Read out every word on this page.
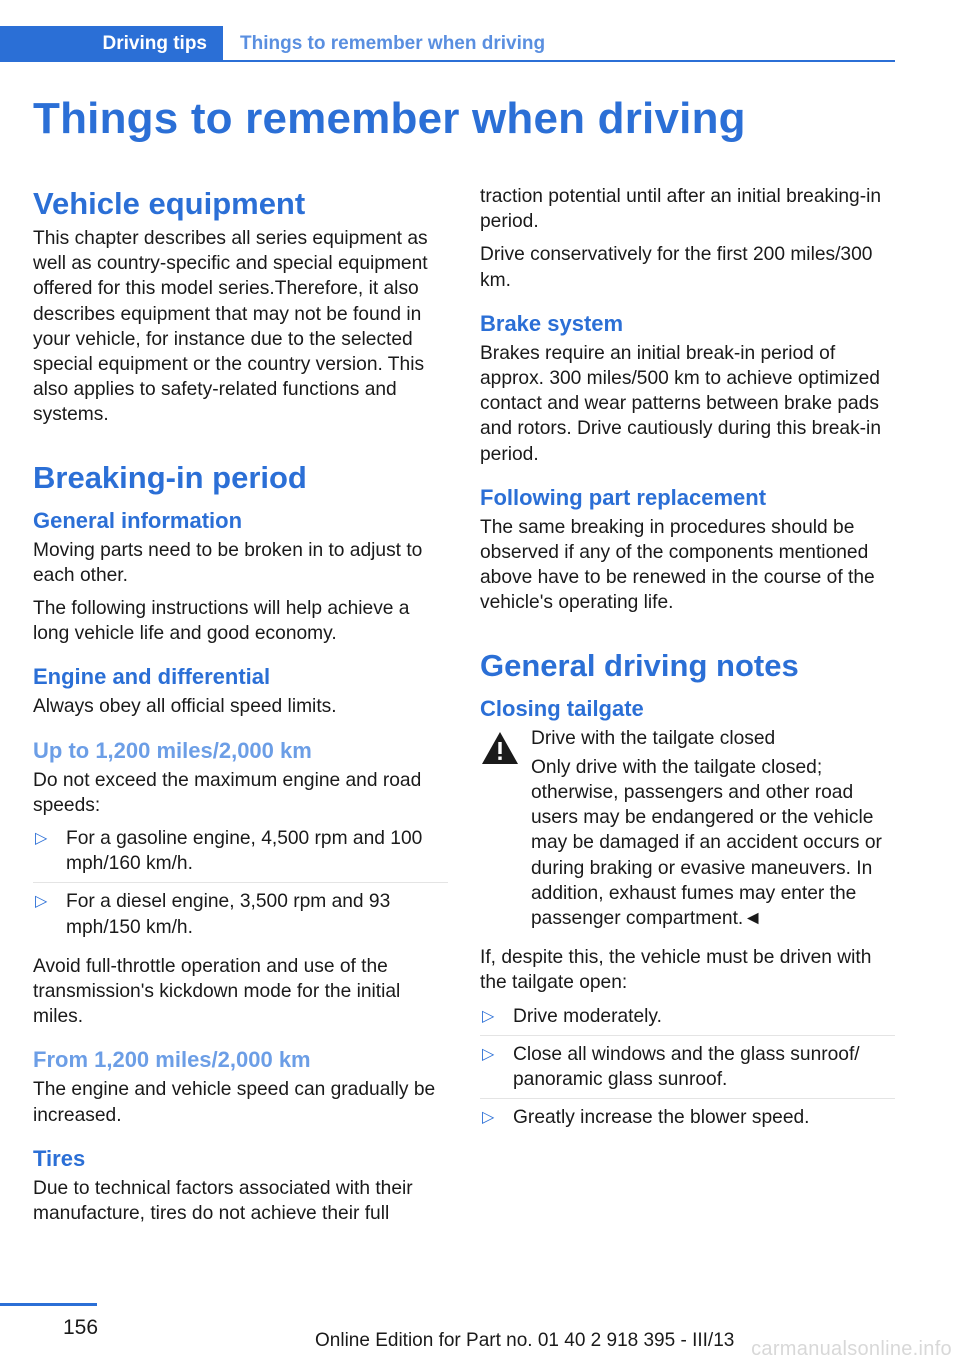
Driving tips	Things to remember when driving
Things to remember when driving
Vehicle equipment

This chapter describes all series equipment as well as country-specific and special equipment offered for this model series.Therefore, it also describes equipment that may not be found in your vehicle, for instance due to the selected special equipment or the country version. This also applies to safety-related functions and systems.

Breaking-in period
General information

Moving parts need to be broken in to adjust to each other.

The following instructions will help achieve a long vehicle life and good economy.

Engine and differential

Always obey all official speed limits.

Up to 1,200 miles/2,000 km

Do not exceed the maximum engine and road speeds:

▷ For a gasoline engine, 4,500 rpm and 100 mph/160 km/h.
▷ For a diesel engine, 3,500 rpm and 93 mph/150 km/h.

Avoid full-throttle operation and use of the transmission's kickdown mode for the initial miles.

From 1,200 miles/2,000 km

The engine and vehicle speed can gradually be increased.

Tires

Due to technical factors associated with their manufacture, tires do not achieve their full

traction potential until after an initial breaking-in period.

Drive conservatively for the first 200 miles/300 km.

Brake system

Brakes require an initial break-in period of approx. 300 miles/500 km to achieve optimized contact and wear patterns between brake pads and rotors. Drive cautiously during this break-in period.

Following part replacement

The same breaking in procedures should be observed if any of the components mentioned above have to be renewed in the course of the vehicle's operating life.

General driving notes
Closing tailgate

Drive with the tailgate closed

Only drive with the tailgate closed; otherwise, passengers and other road users may be endangered or the vehicle may be damaged if an accident occurs or during braking or evasive maneuvers. In addition, exhaust fumes may enter the passenger compartment.◄

If, despite this, the vehicle must be driven with the tailgate open:

▷ Drive moderately.
▷ Close all windows and the glass sunroof/ panoramic glass sunroof.
▷ Greatly increase the blower speed.
156
Online Edition for Part no. 01 40 2 918 395 - III/13 carmanualsonline.info
